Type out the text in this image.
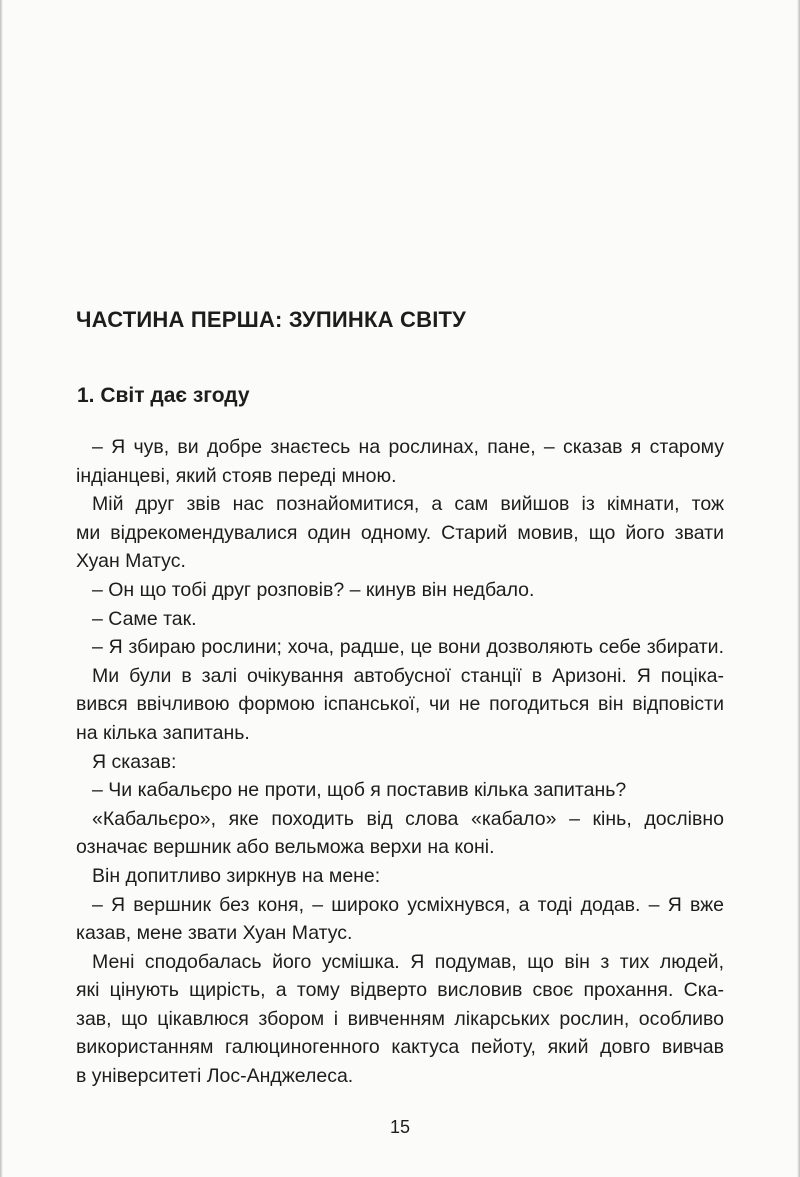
ЧАСТИНА ПЕРША: ЗУПИНКА СВІТУ
1. Світ дає згоду
– Я чув, ви добре знаєтесь на рослинах, пане, – сказав я старому
індіанцеві, який стояв переді мною.
Мій друг звів нас познайомитися, а сам вийшов із кімнати, тож
ми відрекомендувалися один одному. Старий мовив, що його звати
Хуан Матус.
– Он що тобі друг розповів? – кинув він недбало.
– Саме так.
– Я збираю рослини; хоча, радше, це вони дозволяють себе збирати.
Ми були в залі очікування автобусної станції в Аризоні. Я поціка-
вився ввічливою формою іспанської, чи не погодиться він відповісти
на кілька запитань.
Я сказав:
– Чи кабальєро не проти, щоб я поставив кілька запитань?
«Кабальєро», яке походить від слова «кабало» – кінь, дослівно
означає вершник або вельможа верхи на коні.
Він допитливо зиркнув на мене:
– Я вершник без коня, – широко усміхнувся, а тоді додав. – Я вже
казав, мене звати Хуан Матус.
Мені сподобалась його усмішка. Я подумав, що він з тих людей,
які цінують щирість, а тому відверто висловив своє прохання. Ска-
зав, що цікавлюся збором і вивченням лікарських рослин, особливо
використанням галюциногенного кактуса пейоту, який довго вивчав
в університеті Лос-Анджелеса.
15
